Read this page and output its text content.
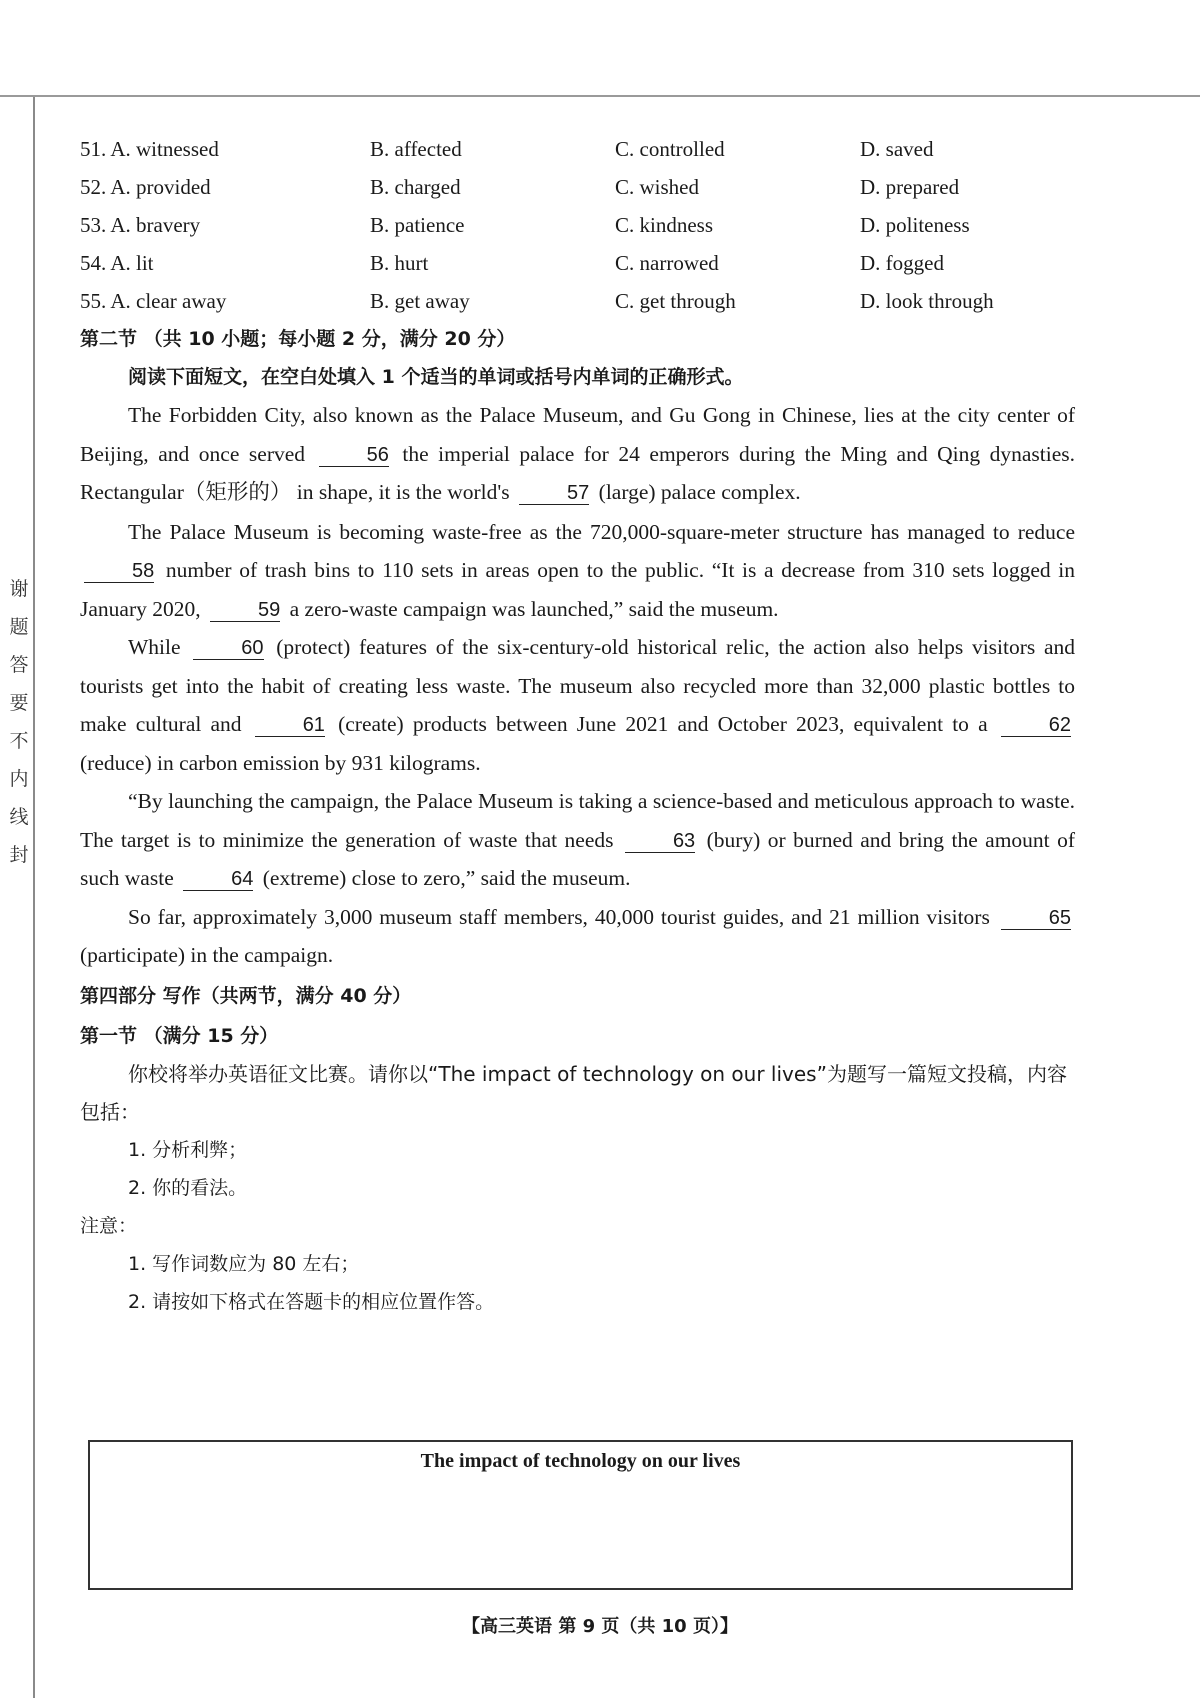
谢
题
答
要
不
内
线
封
51. A. witnessed	B. affected	C. controlled	D. saved
52. A. provided	B. charged	C. wished	D. prepared
53. A. bravery	B. patience	C. kindness	D. politeness
54. A. lit	B. hurt	C. narrowed	D. fogged
55. A. clear away	B. get away	C. get through	D. look through
第二节 （共 10 小题；每小题 2 分，满分 20 分）
阅读下面短文，在空白处填入 1 个适当的单词或括号内单词的正确形式。

The Forbidden City, also known as the Palace Museum, and Gu Gong in Chinese, lies at the city center of Beijing, and once served	56 the imperial palace for 24 emperors during the Ming and Qing dynasties. Rectangular（矩形的） in shape, it is the world's	57 (large) palace complex.

The Palace Museum is becoming waste-free as the 720,000-square-meter structure has managed to reduce 58 number of trash bins to 110 sets in areas open to the public. “It is a decrease from 310 sets logged in January 2020,	59 a zero-waste campaign was launched,” said the museum.

While	60 (protect) features of the six-century-old historical relic, the action also helps visitors and tourists get into the habit of creating less waste. The museum also recycled more than 32,000 plastic bottles to make cultural and	61 (create) products between June 2021 and October 2023, equivalent to a	62 (reduce) in carbon emission by 931 kilograms.

“By launching the campaign, the Palace Museum is taking a science-based and meticulous approach to waste. The target is to minimize the generation of waste that needs	63 (bury) or burned and bring the amount of such waste	64 (extreme) close to zero,” said the museum.

So far, approximately 3,000 museum staff members, 40,000 tourist guides, and 21 million visitors	65 (participate) in the campaign.

第四部分 写作（共两节，满分 40 分）
第一节 （满分 15 分）

你校将举办英语征文比赛。请你以“The impact of technology on our lives”为题写一篇短文投稿，内容包括：

1. 分析利弊；

2. 你的看法。

注意：

1. 写作词数应为 80 左右；

2. 请按如下格式在答题卡的相应位置作答。

The impact of technology on our lives
【高三英语 第 9 页（共 10 页）】
